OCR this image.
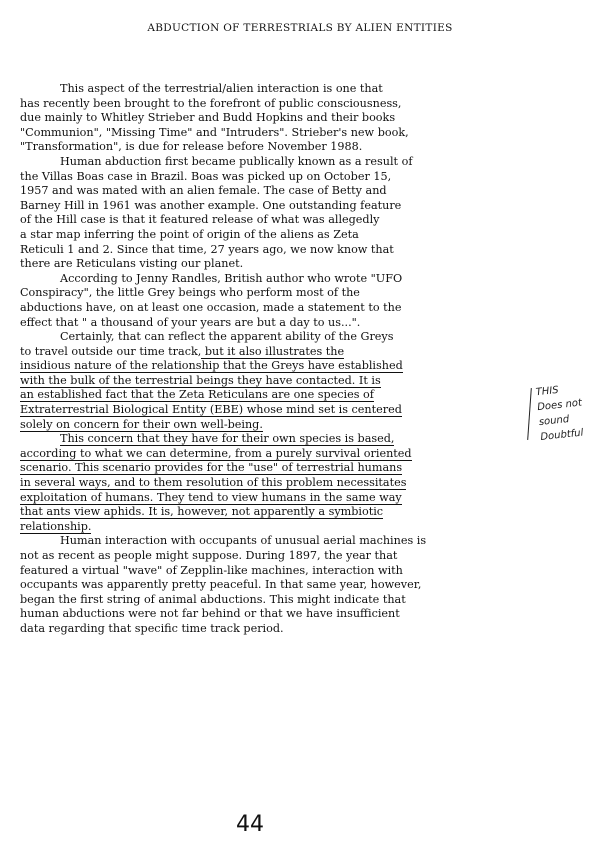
ABDUCTION OF TERRESTRIALS BY ALIEN ENTITIES
This aspect of the terrestrial/alien interaction is one that
has recently been brought to the forefront of public consciousness,
due mainly to Whitley Strieber and Budd Hopkins and their books
"Communion", "Missing Time" and "Intruders". Strieber's new book,
"Transformation", is due for release before November 1988.
Human abduction first became publically known as a result of
the Villas Boas case in Brazil. Boas was picked up on October 15,
1957 and was mated with an alien female. The case of Betty and
Barney Hill in 1961 was another example. One outstanding feature
of the Hill case is that it featured release of what was allegedly
a star map inferring the point of origin of the aliens as Zeta
Reticuli 1 and 2. Since that time, 27 years ago, we now know that
there are Reticulans visting our planet.
According to Jenny Randles, British author who wrote "UFO
Conspiracy", the little Grey beings who perform most of the
abductions have, on at least one occasion, made a statement to the
effect that " a thousand of your years are but a day to us...".
Certainly, that can reflect the apparent ability of the Greys
to travel outside our time track, but it also illustrates the
insidious nature of the relationship that the Greys have established
with the bulk of the terrestrial beings they have contacted. It is
an established fact that the Zeta Reticulans are one species of
Extraterrestrial Biological Entity (EBE) whose mind set is centered
solely on concern for their own well-being.
This concern that they have for their own species is based,
according to what we can determine, from a purely survival oriented
scenario. This scenario provides for the "use" of terrestrial humans
in several ways, and to them resolution of this problem necessitates
exploitation of humans. They tend to view humans in the same way
that ants view aphids. It is, however, not apparently a symbiotic
relationship.
Human interaction with occupants of unusual aerial machines is
not as recent as people might suppose. During 1897, the year that
featured a virtual "wave" of Zepplin-like machines, interaction with
occupants was apparently pretty peaceful. In that same year, however,
began the first string of animal abductions. This might indicate that
human abductions were not far behind or that we have insufficient
data regarding that specific time track period.
THIS
Does not
sound
Doubtful
44
